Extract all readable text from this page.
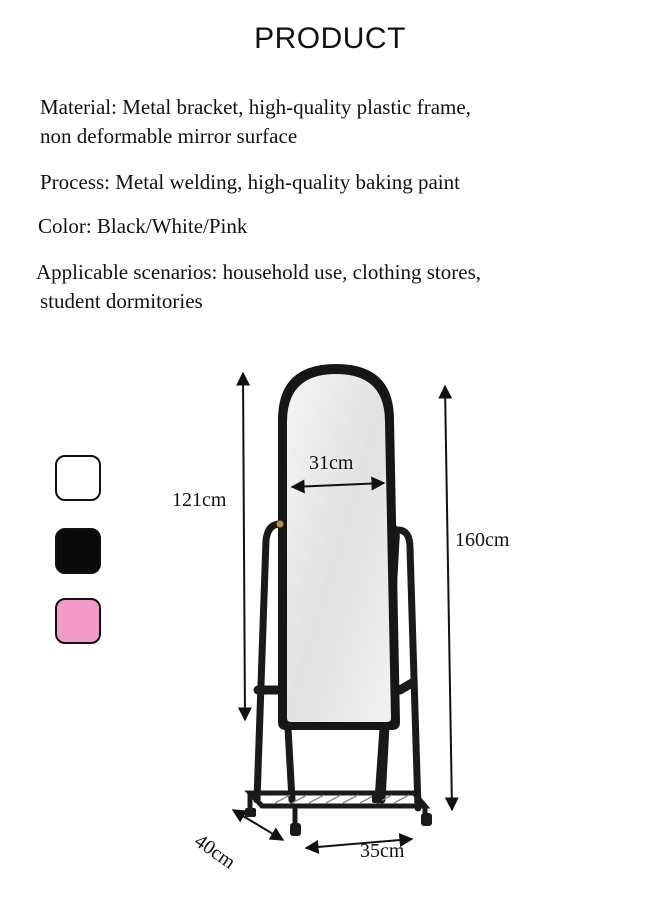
PRODUCT
Material: Metal bracket, high-quality plastic frame,
non deformable mirror surface
Process: Metal welding, high-quality baking paint
Color: Black/White/Pink
Applicable scenarios: household use, clothing stores,
student dormitories
121cm
31cm
160cm
40cm	35cm
